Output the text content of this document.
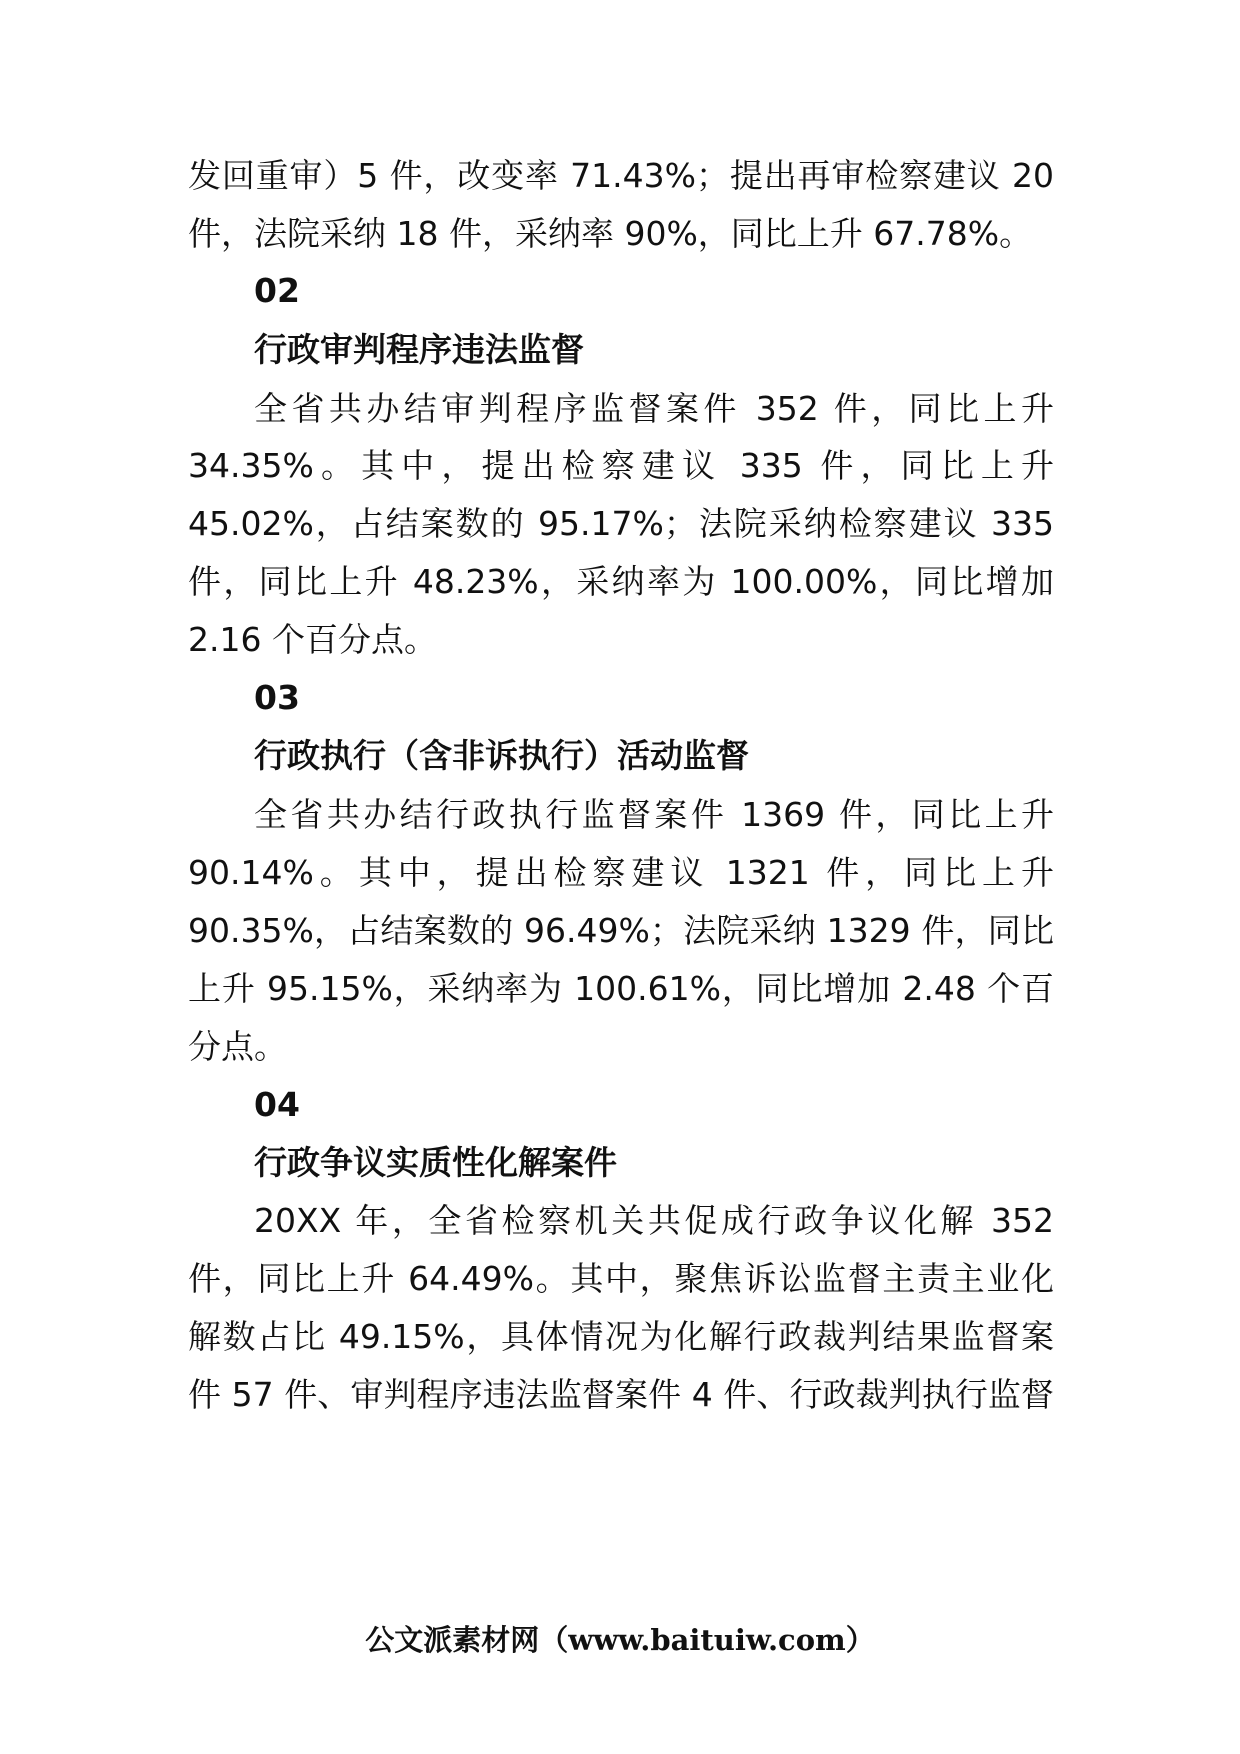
发回重审）5 件，改变率 71.43%；提出再审检察建议 20
件，法院采纳 18 件，采纳率 90%，同比上升 67.78%。
02
行政审判程序违法监督
全省共办结审判程序监督案件 352 件，同比上升
34.35%。其中，提出检察建议 335 件，同比上升
45.02%，占结案数的 95.17%；法院采纳检察建议 335
件，同比上升 48.23%，采纳率为 100.00%，同比增加
2.16 个百分点。
03
行政执行（含非诉执行）活动监督
全省共办结行政执行监督案件 1369 件，同比上升
90.14%。其中，提出检察建议 1321 件，同比上升
90.35%，占结案数的 96.49%；法院采纳 1329 件，同比
上升 95.15%，采纳率为 100.61%，同比增加 2.48 个百
分点。
04
行政争议实质性化解案件
20XX 年，全省检察机关共促成行政争议化解 352
件，同比上升 64.49%。其中，聚焦诉讼监督主责主业化
解数占比 49.15%，具体情况为化解行政裁判结果监督案
件 57 件、审判程序违法监督案件 4 件、行政裁判执行监督
公文派素材网（www.baituiw.com）
